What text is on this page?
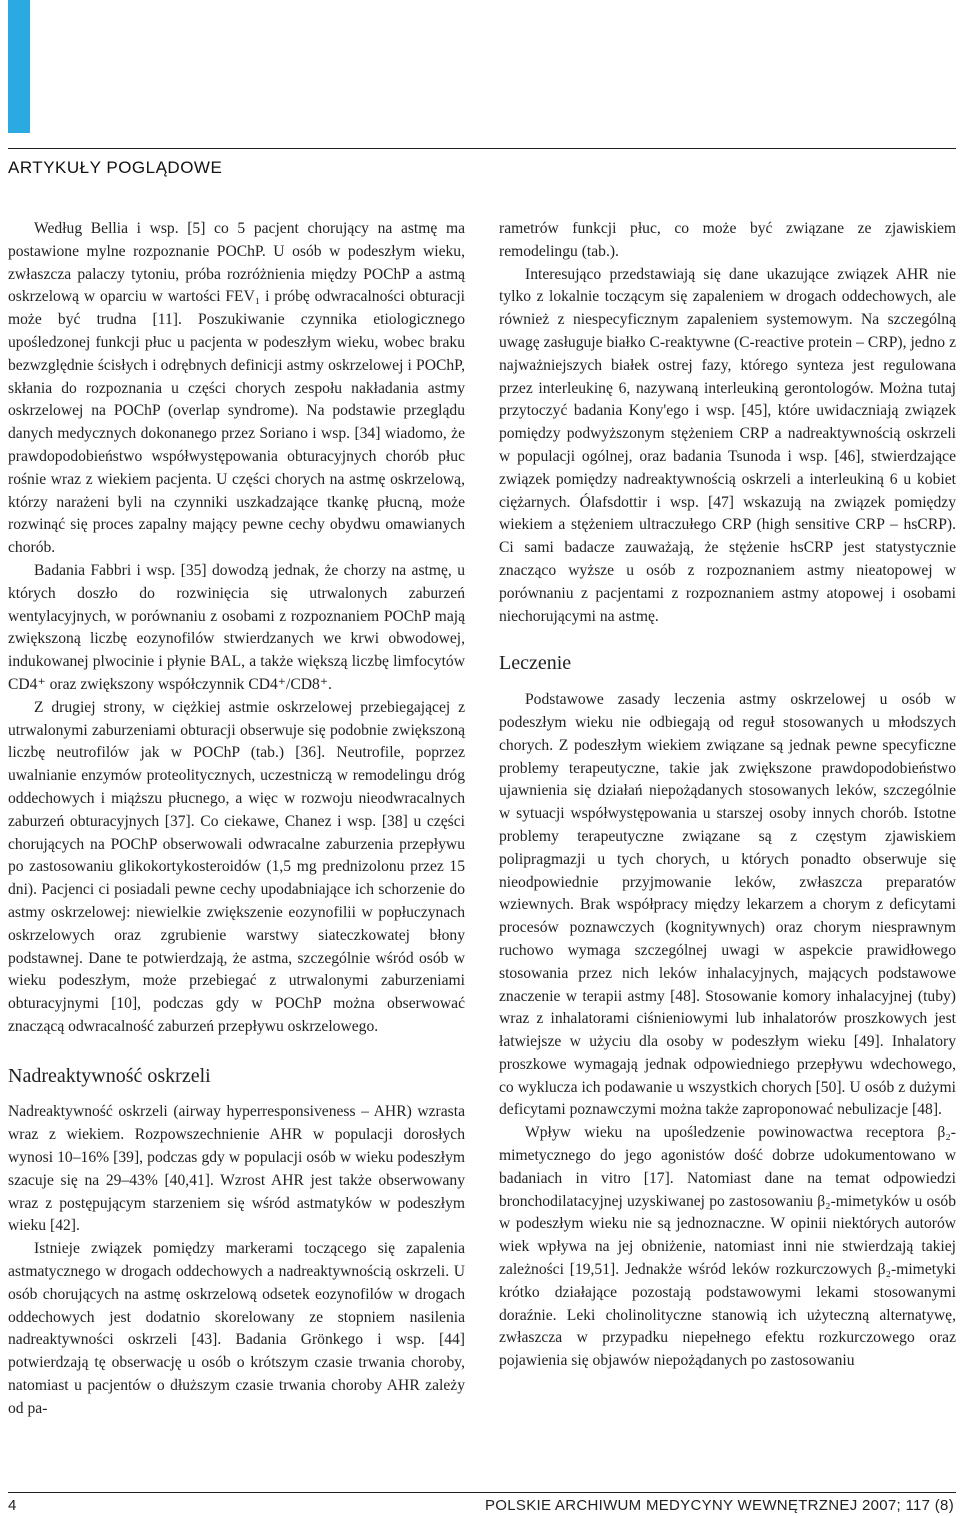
ARTYKUŁY POGLĄDOWE

Według Bellia i wsp. [5] co 5 pacjent chorujący na astmę ma postawione mylne rozpoznanie POChP. U osób w podeszłym wieku, zwłaszcza palaczy tytoniu, próba rozróżnienia między POChP a astmą oskrzelową w oparciu w wartości FEV₁ i próbę odwracalności obturacji może być trudna [11]. Poszukiwanie czynnika etiologicznego upośledzonej funkcji płuc u pacjenta w podeszłym wieku, wobec braku bezwzględnie ścisłych i odrębnych definicji astmy oskrzelowej i POChP, skłania do rozpoznania u części chorych zespołu nakładania astmy oskrzelowej na POChP (overlap syndrome). Na podstawie przeglądu danych medycznych dokonanego przez Soriano i wsp. [34] wiadomo, że prawdopodobieństwo współwystępowania obturacyjnych chorób płuc rośnie wraz z wiekiem pacjenta. U części chorych na astmę oskrzelową, którzy narażeni byli na czynniki uszkadzające tkankę płucną, może rozwinąć się proces zapalny mający pewne cechy obydwu omawianych chorób.

Badania Fabbri i wsp. [35] dowodzą jednak, że chorzy na astmę, u których doszło do rozwinięcia się utrwalonych zaburzeń wentylacyjnych, w porównaniu z osobami z rozpoznaniem POChP mają zwiększoną liczbę eozynofilów stwierdzanych we krwi obwodowej, indukowanej plwocinie i płynie BAL, a także większą liczbę limfocytów CD4⁺ oraz zwiększony współczynnik CD4⁺/CD8⁺.

Z drugiej strony, w ciężkiej astmie oskrzelowej przebiegającej z utrwalonymi zaburzeniami obturacji obserwuje się podobnie zwiększoną liczbę neutrofilów jak w POChP (tab.) [36]. Neutrofile, poprzez uwalnianie enzymów proteolitycznych, uczestniczą w remodelingu dróg oddechowych i miąższu płucnego, a więc w rozwoju nieodwracalnych zaburzeń obturacyjnych [37]. Co ciekawe, Chanez i wsp. [38] u części chorujących na POChP obserwowali odwracalne zaburzenia przepływu po zastosowaniu glikokortykosteroidów (1,5 mg prednizolonu przez 15 dni). Pacjenci ci posiadali pewne cechy upodabniające ich schorzenie do astmy oskrzelowej: niewielkie zwiększenie eozynofilii w popłuczynach oskrzelowych oraz zgrubienie warstwy siateczkowatej błony podstawnej. Dane te potwierdzają, że astma, szczególnie wśród osób w wieku podeszłym, może przebiegać z utrwalonymi zaburzeniami obturacyjnymi [10], podczas gdy w POChP można obserwować znaczącą odwracalność zaburzeń przepływu oskrzelowego.

Nadreaktywność oskrzeli

Nadreaktywność oskrzeli (airway hyperresponsiveness – AHR) wzrasta wraz z wiekiem. Rozpowszechnienie AHR w populacji dorosłych wynosi 10–16% [39], podczas gdy w populacji osób w wieku podeszłym szacuje się na 29–43% [40,41]. Wzrost AHR jest także obserwowany wraz z postępującym starzeniem się wśród astmatyków w podeszłym wieku [42].

Istnieje związek pomiędzy markerami toczącego się zapalenia astmatycznego w drogach oddechowych a nadreaktywnością oskrzeli. U osób chorujących na astmę oskrzelową odsetek eozynofilów w drogach oddechowych jest dodatnio skorelowany ze stopniem nasilenia nadreaktywności oskrzeli [43]. Badania Grönkego i wsp. [44] potwierdzają tę obserwację u osób o krótszym czasie trwania choroby, natomiast u pacjentów o dłuższym czasie trwania choroby AHR zależy od pa-

rametrów funkcji płuc, co może być związane ze zjawiskiem remodelingu (tab.).

Interesująco przedstawiają się dane ukazujące związek AHR nie tylko z lokalnie toczącym się zapaleniem w drogach oddechowych, ale również z niespecyficznym zapaleniem systemowym. Na szczególną uwagę zasługuje białko C-reaktywne (C-reactive protein – CRP), jedno z najważniejszych białek ostrej fazy, którego synteza jest regulowana przez interleukinę 6, nazywaną interleukiną gerontologów. Można tutaj przytoczyć badania Kony'ego i wsp. [45], które uwidaczniają związek pomiędzy podwyższonym stężeniem CRP a nadreaktywnością oskrzeli w populacji ogólnej, oraz badania Tsunoda i wsp. [46], stwierdzające związek pomiędzy nadreaktywnością oskrzeli a interleukiną 6 u kobiet ciężarnych. Ólafsdottir i wsp. [47] wskazują na związek pomiędzy wiekiem a stężeniem ultraczułego CRP (high sensitive CRP – hsCRP). Ci sami badacze zauważają, że stężenie hsCRP jest statystycznie znacząco wyższe u osób z rozpoznaniem astmy nieatopowej w porównaniu z pacjentami z rozpoznaniem astmy atopowej i osobami niechorującymi na astmę.

Leczenie

Podstawowe zasady leczenia astmy oskrzelowej u osób w podeszłym wieku nie odbiegają od reguł stosowanych u młodszych chorych. Z podeszłym wiekiem związane są jednak pewne specyficzne problemy terapeutyczne, takie jak zwiększone prawdopodobieństwo ujawnienia się działań niepożądanych stosowanych leków, szczególnie w sytuacji współwystępowania u starszej osoby innych chorób. Istotne problemy terapeutyczne związane są z częstym zjawiskiem polipragmazji u tych chorych, u których ponadto obserwuje się nieodpowiednie przyjmowanie leków, zwłaszcza preparatów wziewnych. Brak współpracy między lekarzem a chorym z deficytami procesów poznawczych (kognitywnych) oraz chorym niesprawnym ruchowo wymaga szczególnej uwagi w aspekcie prawidłowego stosowania przez nich leków inhalacyjnych, mających podstawowe znaczenie w terapii astmy [48]. Stosowanie komory inhalacyjnej (tuby) wraz z inhalatorami ciśnieniowymi lub inhalatorów proszkowych jest łatwiejsze w użyciu dla osoby w podeszłym wieku [49]. Inhalatory proszkowe wymagają jednak odpowiedniego przepływu wdechowego, co wyklucza ich podawanie u wszystkich chorych [50]. U osób z dużymi deficytami poznawczymi można także zaproponować nebulizacje [48].

Wpływ wieku na upośledzenie powinowactwa receptora β₂-mimetycznego do jego agonistów dość dobrze udokumentowano w badaniach in vitro [17]. Natomiast dane na temat odpowiedzi bronchodilatacyjnej uzyskiwanej po zastosowaniu β₂-mimetyków u osób w podeszłym wieku nie są jednoznaczne. W opinii niektórych autorów wiek wpływa na jej obniżenie, natomiast inni nie stwierdzają takiej zależności [19,51]. Jednakże wśród leków rozkurczowych β₂-mimetyki krótko działające pozostają podstawowymi lekami stosowanymi doraźnie. Leki cholinolityczne stanowią ich użyteczną alternatywę, zwłaszcza w przypadku niepełnego efektu rozkurczowego oraz pojawienia się objawów niepożądanych po zastosowaniu

4	POLSKIE ARCHIWUM MEDYCYNY WEWNĘTRZNEJ 2007; 117 (8)
